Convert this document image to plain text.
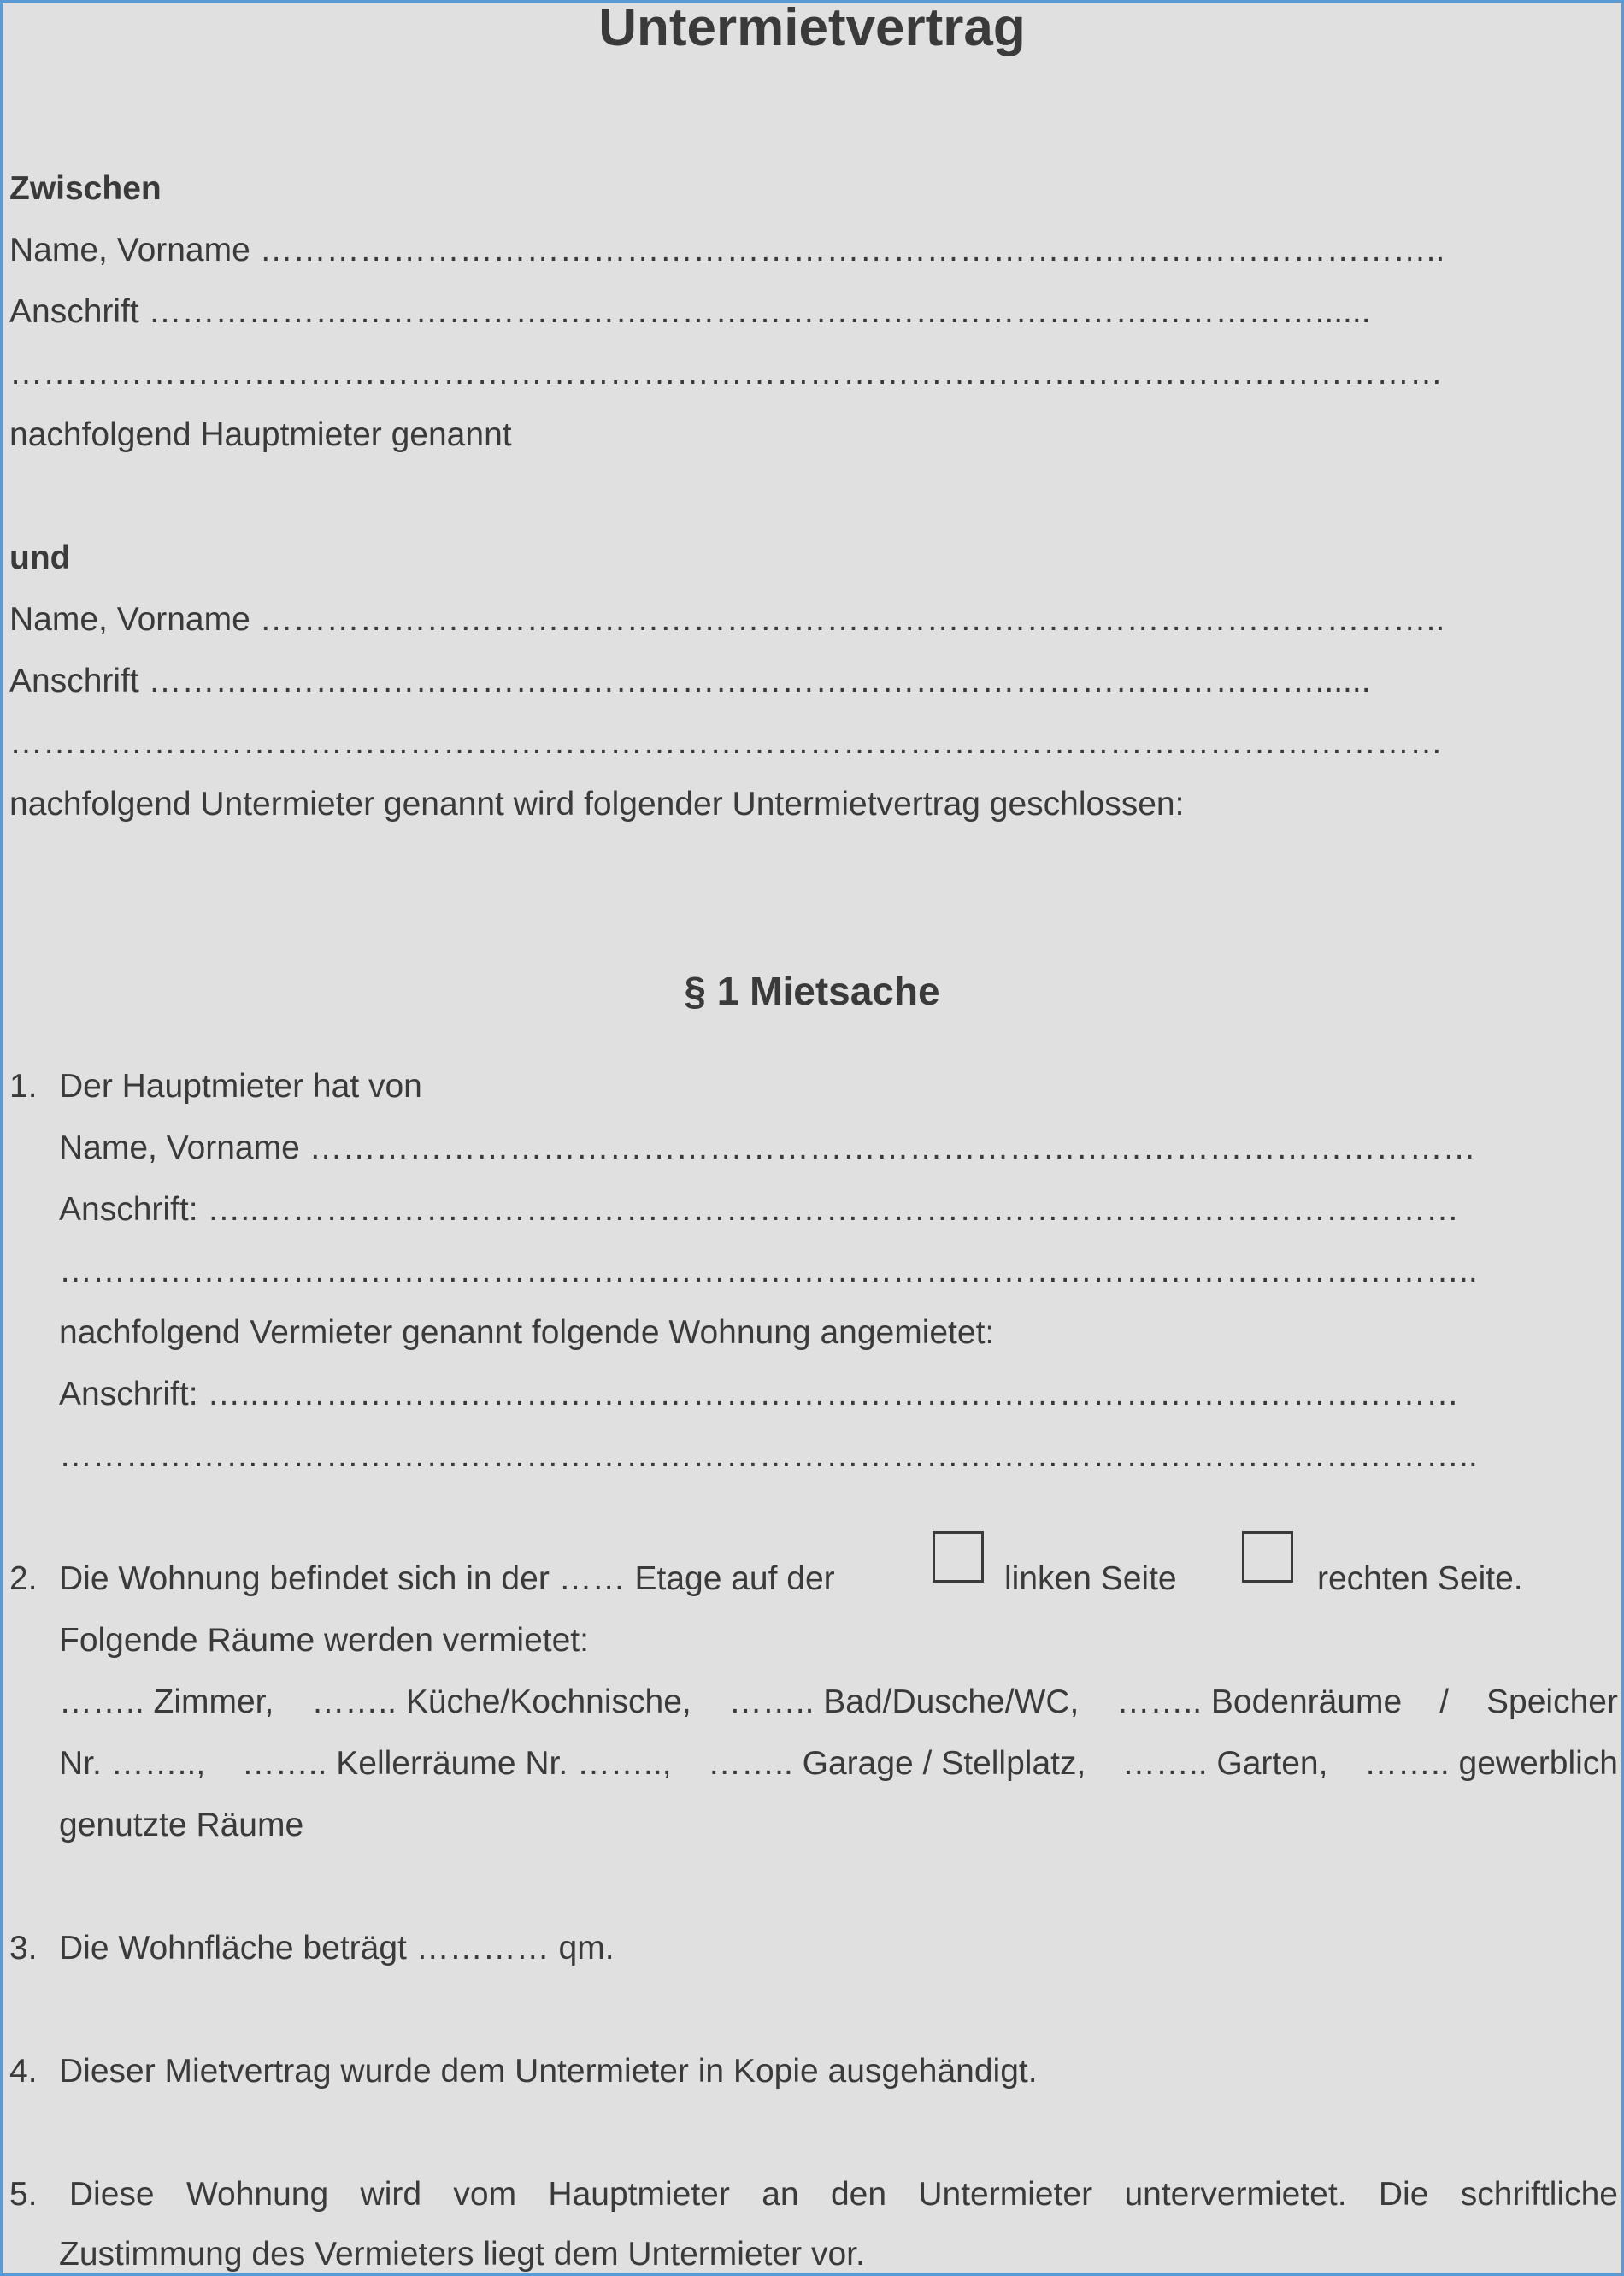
Untermietvertrag
Zwischen
Name, Vorname ……………………………………………………………………………………………..
Anschrift ……………………………………………………………………………………………......
…………………………………………………………………………………………………………………
nachfolgend Hauptmieter genannt
und
Name, Vorname ……………………………………………………………………………………………..
Anschrift ……………………………………………………………………………………………......
…………………………………………………………………………………………………………………
nachfolgend Untermieter genannt wird folgender Untermietvertrag geschlossen:
§ 1 Mietsache
1. Der Hauptmieter hat von
Name, Vorname ……………………………………………………………………………………………
Anschrift: …..………………………………………………………………………………………………
………………………………………………………………………………………………………………..
nachfolgend Vermieter genannt folgende Wohnung angemietet:
Anschrift: …..………………………………………………………………………………………………
………………………………………………………………………………………………………………..
2. Die Wohnung befindet sich in der …… Etage auf der	linken Seite	rechten Seite.
Folgende Räume werden vermietet:
…….. Zimmer, …….. Küche/Kochnische, …….. Bad/Dusche/WC, …….. Bodenräume / Speicher
Nr. …….., …….. Kellerräume Nr. …….., …….. Garage / Stellplatz, …….. Garten, …….. gewerblich
genutzte Räume
3. Die Wohnfläche beträgt ………… qm.
4. Dieser Mietvertrag wurde dem Untermieter in Kopie ausgehändigt.
5. Diese Wohnung wird vom Hauptmieter an den Untermieter untervermietet. Die schriftliche
Zustimmung des Vermieters liegt dem Untermieter vor.
